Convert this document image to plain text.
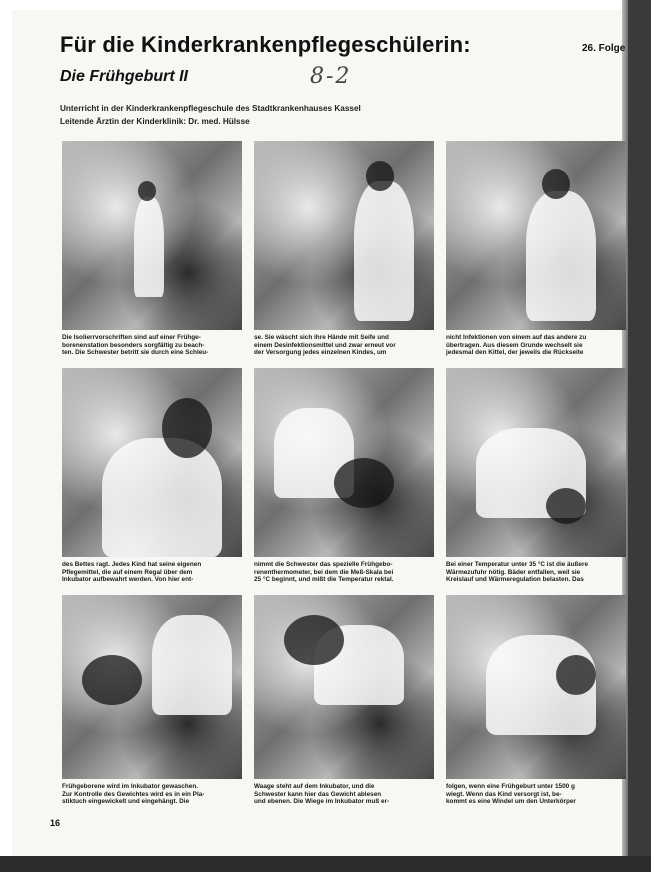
Für die Kinderkrankenpflegeschülerin:	26. Folge
Die Frühgeburt II	8-2
Unterricht in der Kinderkrankenpflegeschule des Stadtkrankenhauses Kassel
Leitende Ärztin der Kinderklinik: Dr. med. Hülsse
Die Isolierrvorschriften sind auf einer Frühge-
borenenstation besonders sorgfältig zu beach-
ten. Die Schwester betritt sie durch eine Schleu-
se. Sie wäscht sich ihre Hände mit Seife und
einem Desinfektionsmittel und zwar erneut vor
der Versorgung jedes einzelnen Kindes, um
nicht Infektionen von einem auf das andere zu
übertragen. Aus diesem Grunde wechselt sie
jedesmal den Kittel, der jeweils die Rückseite
des Bettes ragt. Jedes Kind hat seine eigenen
Pflegemittel, die auf einem Regal über dem
Inkubator aufbewahrt werden. Von hier ent-
nimmt die Schwester das spezielle Frühgebo-
renenthermometer, bei dem die Meß-Skala bei
25 °C beginnt, und mißt die Temperatur rektal.
Bei einer Temperatur unter 35 °C ist die äußere
Wärmezufuhr nötig. Bäder entfallen, weil sie
Kreislauf und Wärmeregulation belasten. Das
Frühgeborene wird im Inkubator gewaschen.
Zur Kontrolle des Gewichtes wird es in ein Pla-
stiktuch eingewickelt und eingehängt. Die
Waage steht auf dem Inkubator, und die
Schwester kann hier das Gewicht ablesen
und ebenen. Die Wiege im Inkubator muß er-
folgen, wenn eine Frühgeburt unter 1500 g
wiegt. Wenn das Kind versorgt ist, be-
kommt es eine Windel um den Unterkörper
16
